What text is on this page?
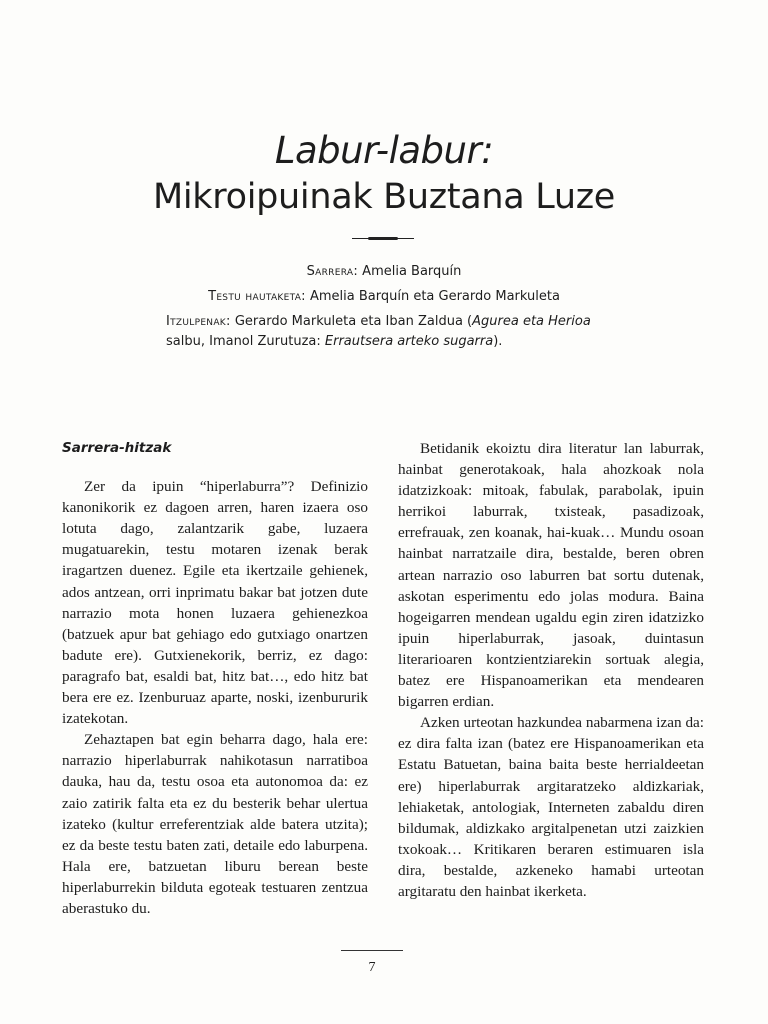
Labur-labur:
Mikroipuinak Buztana Luze
Sarrera: Amelia Barquín
Testu hautaketa: Amelia Barquín eta Gerardo Markuleta
Itzulpenak: Gerardo Markuleta eta Iban Zaldua (Agurea eta Herioa salbu, Imanol Zurutuza: Errautsera arteko sugarra).

Sarrera-hitzak

Zer da ipuin “hiperlaburra”? Definizio kanonikorik ez dagoen arren, haren izaera oso lotuta dago, zalantzarik gabe, luzaera mugatuarekin, testu motaren izenak berak iragartzen duenez. Egile eta ikertzaile gehienek, ados antzean, orri inprimatu bakar bat jotzen dute narrazio mota honen luzaera gehienezkoa (batzuek apur bat gehiago edo gutxiago onartzen badute ere). Gutxienekorik, berriz, ez dago: paragrafo bat, esaldi bat, hitz bat…, edo hitz bat bera ere ez. Izenburuaz aparte, noski, izenbururik izatekotan.

Zehaztapen bat egin beharra dago, hala ere: narrazio hiperlaburrak nahikotasun narratiboa dauka, hau da, testu osoa eta autonomoa da: ez zaio zatirik falta eta ez du besterik behar ulertua izateko (kultur erreferentziak alde batera utzita); ez da beste testu baten zati, detaile edo laburpena. Hala ere, batzuetan liburu berean beste hiperlaburrekin bilduta egoteak testuaren zentzua aberastuko du.

Betidanik ekoiztu dira literatur lan laburrak, hainbat generotakoak, hala ahozkoak nola idatzizkoak: mitoak, fabulak, parabolak, ipuin herrikoi laburrak, txisteak, pasadizoak, errefrauak, zen koanak, hai-kuak… Mundu osoan hainbat narratzaile dira, bestalde, beren obren artean narrazio oso laburren bat sortu dutenak, askotan esperimentu edo jolas modura. Baina hogeigarren mendean ugaldu egin ziren idatzizko ipuin hiperlaburrak, jasoak, duintasun literarioaren kontzientziarekin sortuak alegia, batez ere Hispanoamerikan eta mendearen bigarren erdian.

Azken urteotan hazkundea nabarmena izan da: ez dira falta izan (batez ere Hispanoamerikan eta Estatu Batuetan, baina baita beste herrialdeetan ere) hiperlaburrak argitaratzeko aldizkariak, lehiaketak, antologiak, Interneten zabaldu diren bildumak, aldizkako argitalpenetan utzi zaizkien txokoak… Kritikaren beraren estimuaren isla dira, bestalde, azkeneko hamabi urteotan argitaratu den hainbat ikerketa.

7
